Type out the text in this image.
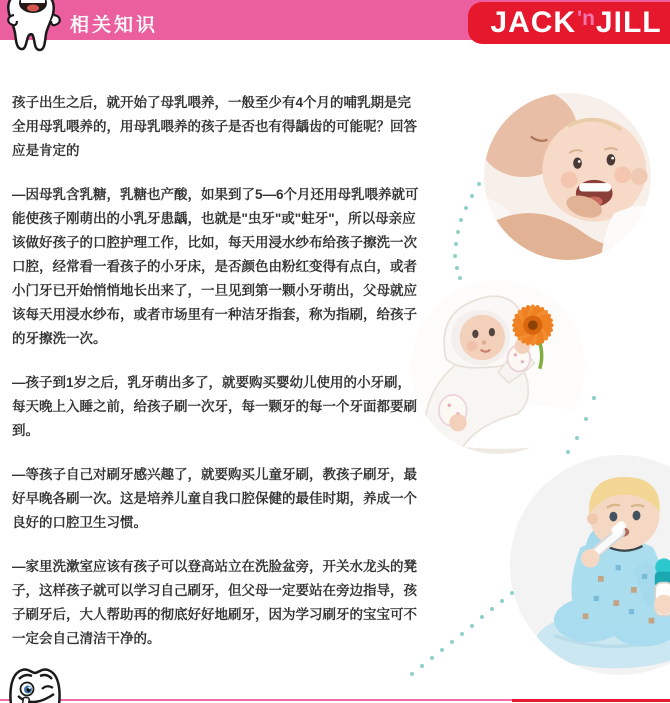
相关知识	JACK 'n JILL
孩子出生之后，就开始了母乳喂养，一般至少有4个月的哺乳期是完
全用母乳喂养的，用母乳喂养的孩子是否也有得龋齿的可能呢？回答
应是肯定的
—因母乳含乳糖，乳糖也产酸，如果到了5—6个月还用母乳喂养就可
能使孩子刚萌出的小乳牙患龋，也就是"虫牙"或"蛀牙"，所以母亲应
该做好孩子的口腔护理工作，比如，每天用浸水纱布给孩子擦洗一次
口腔，经常看一看孩子的小牙床，是否颜色由粉红变得有点白，或者
小门牙已开始悄悄地长出来了，一旦见到第一颗小牙萌出，父母就应
该每天用浸水纱布，或者市场里有一种洁牙指套，称为指刷，给孩子
的牙擦洗一次。
—孩子到1岁之后，乳牙萌出多了，就要购买婴幼儿使用的小牙刷，
每天晚上入睡之前，给孩子刷一次牙，每一颗牙的每一个牙面都要刷
到。
—等孩子自己对刷牙感兴趣了，就要购买儿童牙刷，教孩子刷牙，最
好早晚各刷一次。这是培养儿童自我口腔保健的最佳时期，养成一个
良好的口腔卫生习惯。
—家里洗漱室应该有孩子可以登高站立在洗脸盆旁，开关水龙头的凳
子，这样孩子就可以学习自己刷牙，但父母一定要站在旁边指导，孩
子刷牙后，大人帮助再的彻底好好地刷牙，因为学习刷牙的宝宝可不
一定会自己清洁干净的。
